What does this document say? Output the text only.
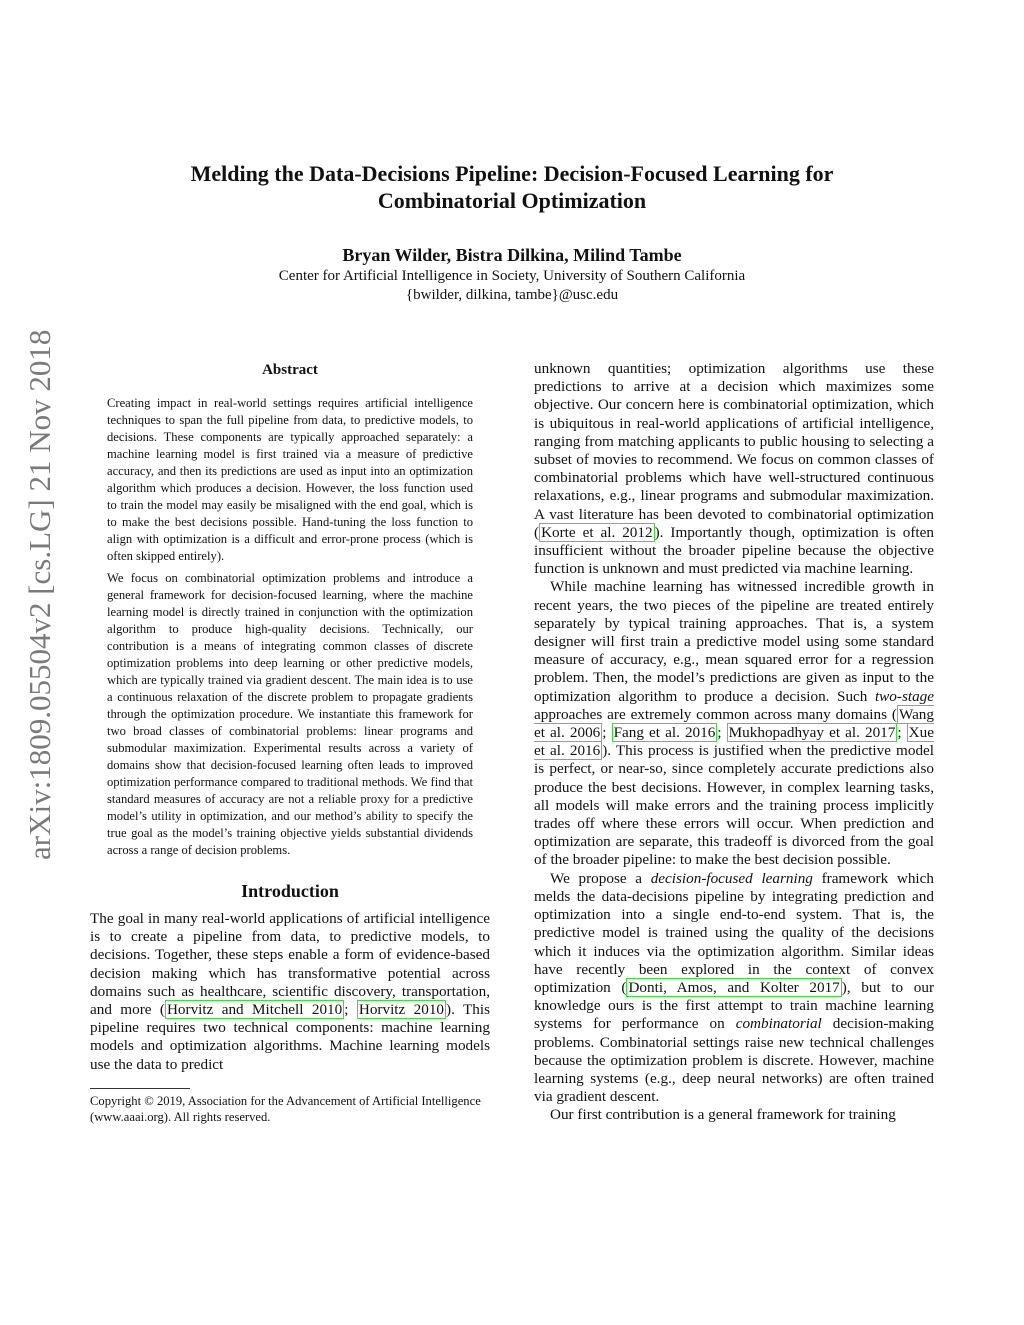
arXiv:1809.05504v2 [cs.LG] 21 Nov 2018
Melding the Data-Decisions Pipeline: Decision-Focused Learning for
Combinatorial Optimization
Bryan Wilder, Bistra Dilkina, Milind Tambe
Center for Artificial Intelligence in Society, University of Southern California
{bwilder, dilkina, tambe}@usc.edu
Abstract

Creating impact in real-world settings requires artificial intelligence techniques to span the full pipeline from data, to predictive models, to decisions. These components are typically approached separately: a machine learning model is first trained via a measure of predictive accuracy, and then its predictions are used as input into an optimization algorithm which produces a decision. However, the loss function used to train the model may easily be misaligned with the end goal, which is to make the best decisions possible. Hand-tuning the loss function to align with optimization is a difficult and error-prone process (which is often skipped entirely).

We focus on combinatorial optimization problems and introduce a general framework for decision-focused learning, where the machine learning model is directly trained in conjunction with the optimization algorithm to produce high-quality decisions. Technically, our contribution is a means of integrating common classes of discrete optimization problems into deep learning or other predictive models, which are typically trained via gradient descent. The main idea is to use a continuous relaxation of the discrete problem to propagate gradients through the optimization procedure. We instantiate this framework for two broad classes of combinatorial problems: linear programs and submodular maximization. Experimental results across a variety of domains show that decision-focused learning often leads to improved optimization performance compared to traditional methods. We find that standard measures of accuracy are not a reliable proxy for a predictive model’s utility in optimization, and our method’s ability to specify the true goal as the model’s training objective yields substantial dividends across a range of decision problems.

Introduction

The goal in many real-world applications of artificial intelligence is to create a pipeline from data, to predictive models, to decisions. Together, these steps enable a form of evidence-based decision making which has transformative potential across domains such as healthcare, scientific discovery, transportation, and more ( Horvitz and Mitchell 2010 ; Horvitz 2010 ). This pipeline requires two technical components: machine learning models and optimization algorithms. Machine learning models use the data to predict

Copyright © 2019, Association for the Advancement of Artificial Intelligence (www.aaai.org). All rights reserved.

unknown quantities; optimization algorithms use these predictions to arrive at a decision which maximizes some objective. Our concern here is combinatorial optimization, which is ubiquitous in real-world applications of artificial intelligence, ranging from matching applicants to public housing to selecting a subset of movies to recommend. We focus on common classes of combinatorial problems which have well-structured continuous relaxations, e.g., linear programs and submodular maximization. A vast literature has been devoted to combinatorial optimization ( Korte et al. 2012 ). Importantly though, optimization is often insufficient without the broader pipeline because the objective function is unknown and must predicted via machine learning.

While machine learning has witnessed incredible growth in recent years, the two pieces of the pipeline are treated entirely separately by typical training approaches. That is, a system designer will first train a predictive model using some standard measure of accuracy, e.g., mean squared error for a regression problem. Then, the model’s predictions are given as input to the optimization algorithm to produce a decision. Such two-stage approaches are extremely common across many domains ( Wang et al. 2006 ; Fang et al. 2016 ; Mukhopadhyay et al. 2017 ; Xue et al. 2016 ). This process is justified when the predictive model is perfect, or near-so, since completely accurate predictions also produce the best decisions. However, in complex learning tasks, all models will make errors and the training process implicitly trades off where these errors will occur. When prediction and optimization are separate, this tradeoff is divorced from the goal of the broader pipeline: to make the best decision possible.

We propose a decision-focused learning framework which melds the data-decisions pipeline by integrating prediction and optimization into a single end-to-end system. That is, the predictive model is trained using the quality of the decisions which it induces via the optimization algorithm. Similar ideas have recently been explored in the context of convex optimization ( Donti, Amos, and Kolter 2017 ), but to our knowledge ours is the first attempt to train machine learning systems for performance on combinatorial decision-making problems. Combinatorial settings raise new technical challenges because the optimization problem is discrete. However, machine learning systems (e.g., deep neural networks) are often trained via gradient descent.

Our first contribution is a general framework for training
